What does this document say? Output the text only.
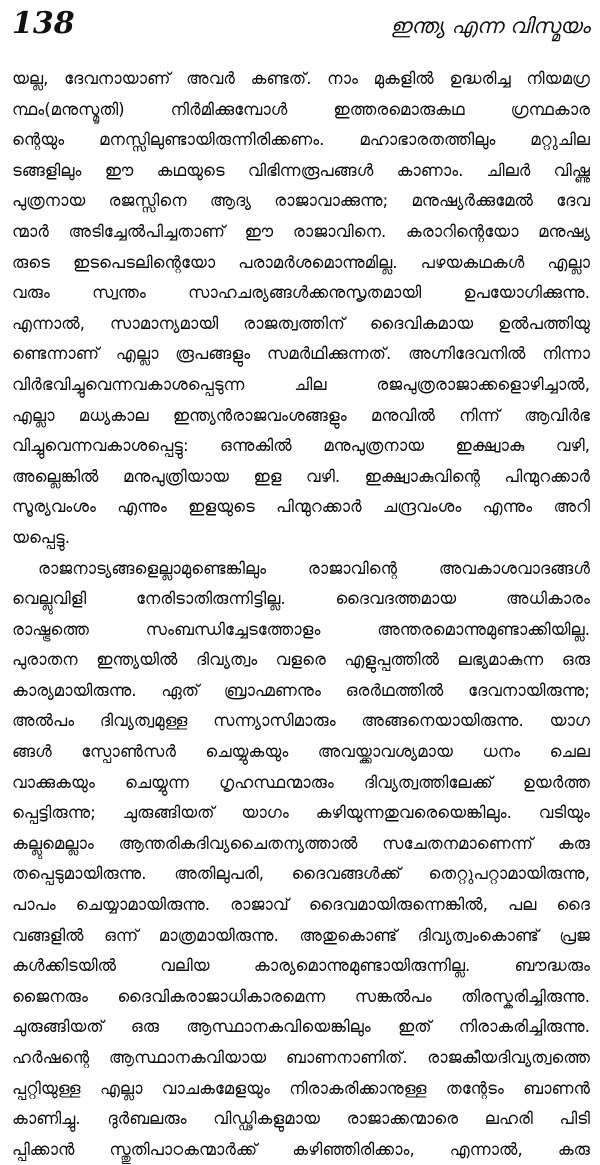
138	ഇന്ത്യ എന്ന വിസ്മയം
യല്ല, ദേവനായാണ് അവർ കണ്ടത്. നാം മുകളിൽ ഉദ്ധരിച്ച നിയമഗ്ര
ന്ഥം(മനുസ്മൃതി) നിർമിക്കുമ്പോൾ ഇത്തരമൊരുകഥ ഗ്രന്ഥകാര
ന്റെയും മനസ്സിലുണ്ടായിരുന്നിരിക്കണം. മഹാഭാരതത്തിലും മറ്റുചില
ടങ്ങളിലും ഈ കഥയുടെ വിഭിന്നരൂപങ്ങൾ കാണാം. ചിലർ വിഷ്ണു
പുത്രനായ രജസ്സിനെ ആദ്യ രാജാവാക്കുന്നു; മനുഷ്യർക്കുമേൽ ദേവ
ന്മാർ അടിച്ചേൽപിച്ചതാണ് ഈ രാജാവിനെ. കരാറിന്റെയോ മനുഷ്യ
രുടെ ഇടപെടലിന്റെയോ പരാമർശമൊന്നുമില്ല. പഴയകഥകൾ എല്ലാ
വരും സ്വന്തം സാഹചര്യങ്ങൾക്കനുസൃതമായി ഉപയോഗിക്കുന്നു.
എന്നാൽ, സാമാന്യമായി രാജത്വത്തിന് ദൈവികമായ ഉൽപത്തിയു
ണ്ടെന്നാണ് എല്ലാ രൂപങ്ങളും സമർഥിക്കുന്നത്. അഗ്നിദേവനിൽ നിന്നാ
വിർഭവിച്ചുവെന്നവകാശപ്പെടുന്ന ചില രജപുത്രരാജാക്കളൊഴിച്ചാൽ,
എല്ലാ മധ്യകാല ഇന്ത്യൻരാജവംശങ്ങളും മനുവിൽ നിന്ന് ആവിർഭ
വിച്ചുവെന്നവകാശപ്പെട്ടു: ഒന്നുകിൽ മനുപുത്രനായ ഇക്ഷ്വാകു വഴി,
അല്ലെങ്കിൽ മനുപുത്രിയായ ഇള വഴി. ഇക്ഷ്വാകുവിന്റെ പിന്മുറക്കാർ
സൂര്യവംശം എന്നും ഇളയുടെ പിന്മുറക്കാർ ചന്ദ്രവംശം എന്നും അറി
യപ്പെട്ടു.
രാജനാട്യങ്ങളെല്ലാമുണ്ടെങ്കിലും രാജാവിന്റെ അവകാശവാദങ്ങൾ
വെല്ലുവിളി നേരിടാതിരുന്നിട്ടില്ല. ദൈവദത്തമായ അധികാരം
രാഷ്ട്രത്തെ സംബന്ധിച്ചേടത്തോളം അന്തരമൊന്നുമുണ്ടാക്കിയില്ല.
പുരാതന ഇന്ത്യയിൽ ദിവ്യത്വം വളരെ എളുപ്പത്തിൽ ലഭ്യമാകുന്ന ഒരു
കാര്യമായിരുന്നു. ഏത് ബ്രാഹ്മണനും ഒരർഥത്തിൽ ദേവനായിരുന്നു;
അൽപം ദിവ്യത്വമുള്ള സന്ന്യാസിമാരും അങ്ങനെയായിരുന്നു. യാഗ
ങ്ങൾ സ്പോൺസർ ചെയ്യുകയും അവയ്ക്കാവശ്യമായ ധനം ചെല
വാക്കുകയും ചെയ്യുന്ന ഗൃഹസ്ഥന്മാരും ദിവ്യത്വത്തിലേക്ക് ഉയർത്ത
പ്പെട്ടിരുന്നു; ചുരുങ്ങിയത് യാഗം കഴിയുന്നതുവരെയെങ്കിലും. വടിയും
കല്ലുമെല്ലാം ആന്തരികദിവ്യചൈതന്യത്താൽ സചേതനമാണെന്ന് കരു
തപ്പെടുമായിരുന്നു. അതിലുപരി, ദൈവങ്ങൾക്ക് തെറ്റുപറ്റാമായിരുന്നു,
പാപം ചെയ്യാമായിരുന്നു. രാജാവ് ദൈവമായിരുന്നെങ്കിൽ, പല ദൈ
വങ്ങളിൽ ഒന്ന് മാത്രമായിരുന്നു. അതുകൊണ്ട് ദിവ്യത്വംകൊണ്ട് പ്രജ
കൾക്കിടയിൽ വലിയ കാര്യമൊന്നുമുണ്ടായിരുന്നില്ല. ബൗദ്ധരും
ജൈനരും ദൈവികരാജാധികാരമെന്ന സങ്കൽപം തിരസ്കരിച്ചിരുന്നു.
ചുരുങ്ങിയത് ഒരു ആസ്ഥാനകവിയെങ്കിലും ഇത് നിരാകരിച്ചിരുന്നു.
ഹർഷന്റെ ആസ്ഥാനകവിയായ ബാണനാണിത്. രാജകീയദിവ്യത്വത്തെ
പ്പറ്റിയുള്ള എല്ലാ വാചകമേളയും നിരാകരിക്കാനുള്ള തന്റേടം ബാണൻ
കാണിച്ചു. ദുർബലരും വിഡ്ഢികളുമായ രാജാക്കന്മാരെ ലഹരി പിടി
പ്പിക്കാൻ സ്തുതിപാഠകന്മാർക്ക് കഴിഞ്ഞിരിക്കാം, എന്നാൽ, കരു
